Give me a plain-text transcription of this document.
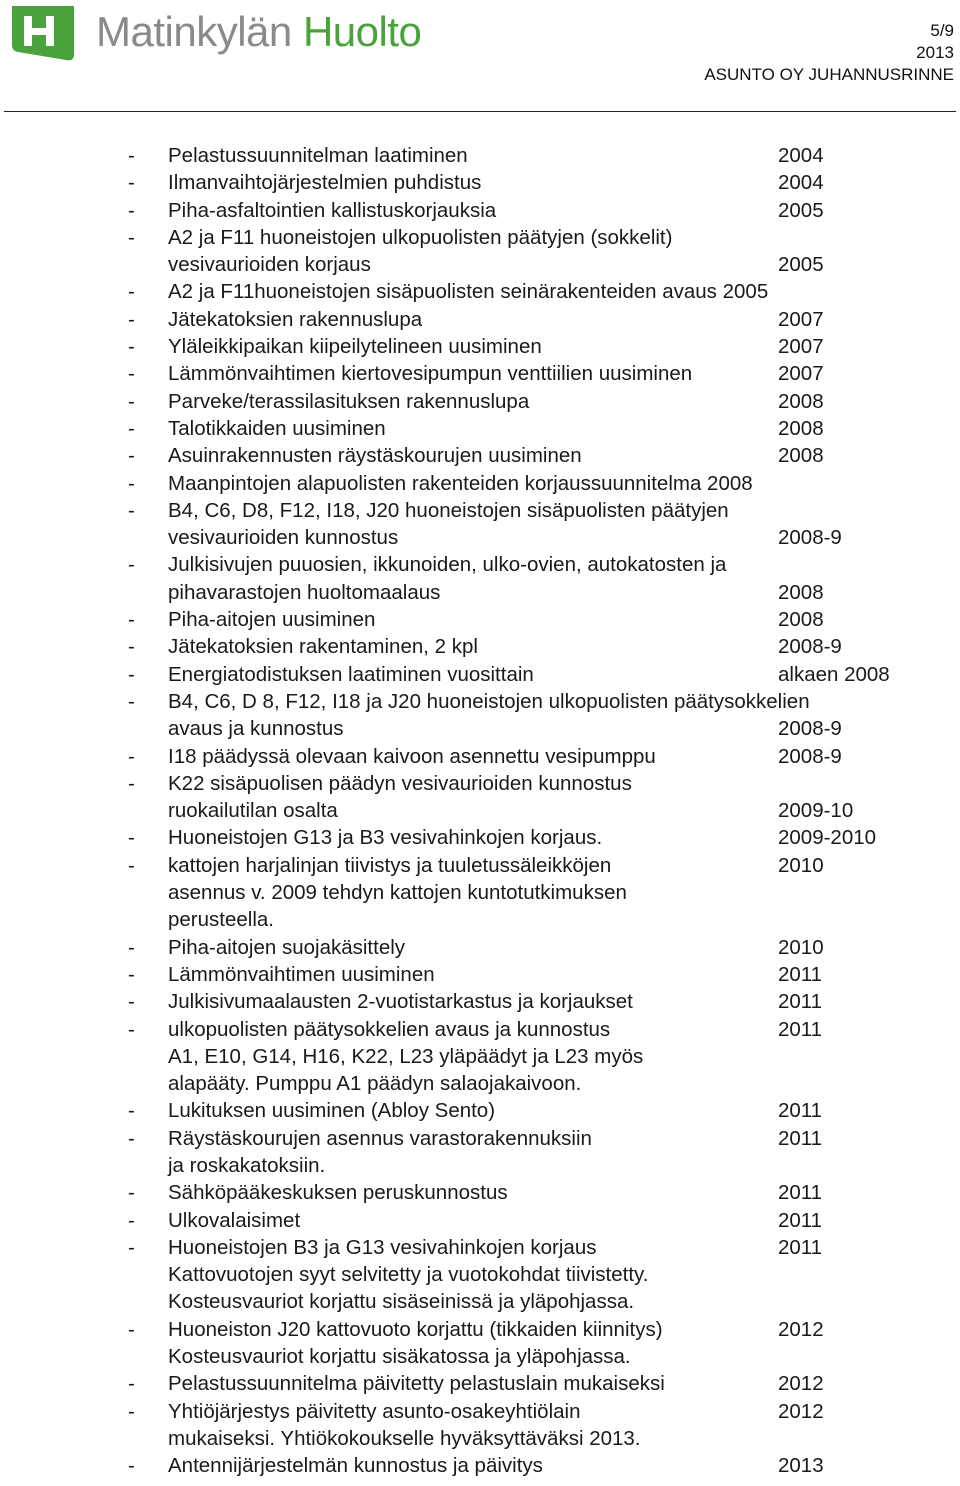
Matinkylän Huolto	5/9
2013
ASUNTO OY JUHANNUSRINNE
- Pelastussuunnitelman laatiminen	2004
- Ilmanvaihtojärjestelmien puhdistus	2004
- Piha-asfaltointien kallistuskorjauksia	2005
- A2 ja F11 huoneistojen ulkopuolisten päätyjen (sokkelit)
vesivaurioiden korjaus	2005
- A2 ja F11huoneistojen sisäpuolisten seinärakenteiden avaus 2005
- Jätekatoksien rakennuslupa	2007
- Yläleikkipaikan kiipeilytelineen uusiminen	2007
- Lämmönvaihtimen kiertovesipumpun venttiilien uusiminen	2007
- Parveke/terassilasituksen rakennuslupa	2008
- Talotikkaiden uusiminen	2008
- Asuinrakennusten räystäskourujen uusiminen	2008
- Maanpintojen alapuolisten rakenteiden korjaussuunnitelma 2008
- B4, C6, D8, F12, I18, J20 huoneistojen sisäpuolisten päätyjen
vesivaurioiden kunnostus	2008-9
- Julkisivujen puuosien, ikkunoiden, ulko-ovien, autokatosten ja
pihavarastojen huoltomaalaus	2008
- Piha-aitojen uusiminen	2008
- Jätekatoksien rakentaminen, 2 kpl	2008-9
- Energiatodistuksen laatiminen vuosittain	alkaen 2008
- B4, C6, D 8, F12, I18 ja J20 huoneistojen ulkopuolisten päätysokkelien
avaus ja kunnostus	2008-9
- I18 päädyssä olevaan kaivoon asennettu vesipumppu	2008-9
- K22 sisäpuolisen päädyn vesivaurioiden kunnostus
ruokailutilan osalta	2009-10
- Huoneistojen G13 ja B3 vesivahinkojen korjaus.	2009-2010
- kattojen harjalinjan tiivistys ja tuuletussäleikköjen	2010
asennus v. 2009 tehdyn kattojen kuntotutkimuksen
perusteella.
- Piha-aitojen suojakäsittely	2010
- Lämmönvaihtimen uusiminen	2011
- Julkisivumaalausten 2-vuotistarkastus ja korjaukset	2011
- ulkopuolisten päätysokkelien avaus ja kunnostus	2011
A1, E10, G14, H16, K22, L23 yläpäädyt ja L23 myös
alapääty. Pumppu A1 päädyn salaojakaivoon.
- Lukituksen uusiminen (Abloy Sento)	2011
- Räystäskourujen asennus varastorakennuksiin	2011
ja roskakatoksiin.
- Sähköpääkeskuksen peruskunnostus	2011
- Ulkovalaisimet	2011
- Huoneistojen B3 ja G13 vesivahinkojen korjaus	2011
Kattovuotojen syyt selvitetty ja vuotokohdat tiivistetty.
Kosteusvauriot korjattu sisäseinissä ja yläpohjassa.
- Huoneiston J20 kattovuoto korjattu (tikkaiden kiinnitys)	2012
Kosteusvauriot korjattu sisäkatossa ja yläpohjassa.
- Pelastussuunnitelma päivitetty pelastuslain mukaiseksi	2012
- Yhtiöjärjestys päivitetty asunto-osakeyhtiölain	2012
mukaiseksi. Yhtiökokoukselle hyväksyttäväksi 2013.
- Antennijärjestelmän kunnostus ja päivitys	2013
